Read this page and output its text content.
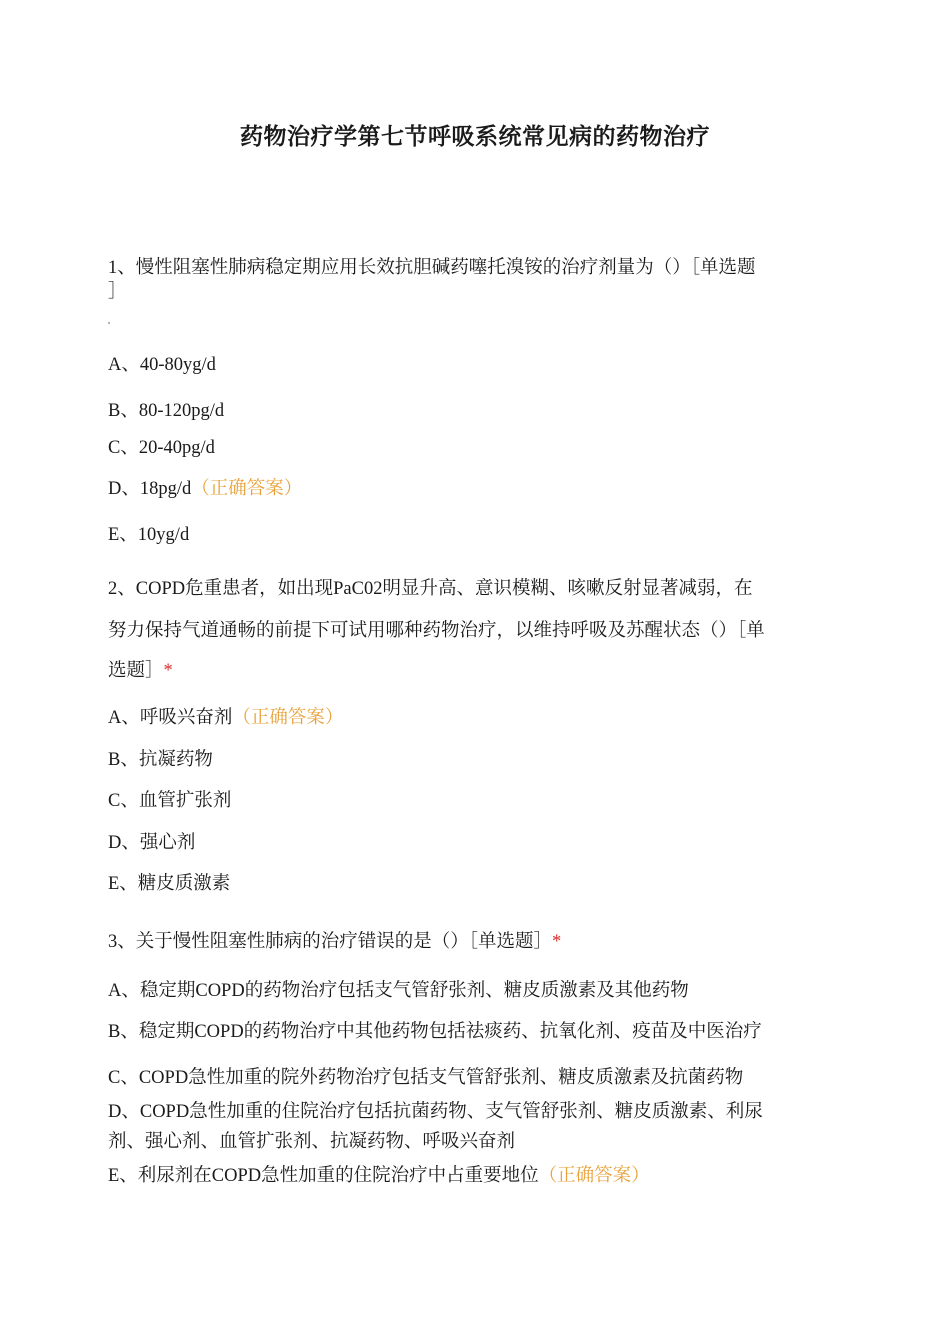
药物治疗学第七节呼吸系统常见病的药物治疗
1、慢性阻塞性肺病稳定期应用长效抗胆碱药噻托溴铵的治疗剂量为（）［单选题
］
A、40-80yg/d
B、80-120pg/d
C、20-40pg/d
D、18pg/d（正确答案）
E、10yg/d
2、COPD危重患者，如出现PaC02明显升高、意识模糊、咳嗽反射显著减弱，在
努力保持气道通畅的前提下可试用哪种药物治疗，以维持呼吸及苏醒状态（）［单
选题］*
A、呼吸兴奋剂（正确答案）
B、抗凝药物
C、血管扩张剂
D、强心剂
E、糖皮质激素
3、关于慢性阻塞性肺病的治疗错误的是（）［单选题］*
A、稳定期COPD的药物治疗包括支气管舒张剂、糖皮质激素及其他药物
B、稳定期COPD的药物治疗中其他药物包括祛痰药、抗氧化剂、疫苗及中医治疗
C、COPD急性加重的院外药物治疗包括支气管舒张剂、糖皮质激素及抗菌药物
D、COPD急性加重的住院治疗包括抗菌药物、支气管舒张剂、糖皮质激素、利尿
剂、强心剂、血管扩张剂、抗凝药物、呼吸兴奋剂
E、利尿剂在COPD急性加重的住院治疗中占重要地位（正确答案）
